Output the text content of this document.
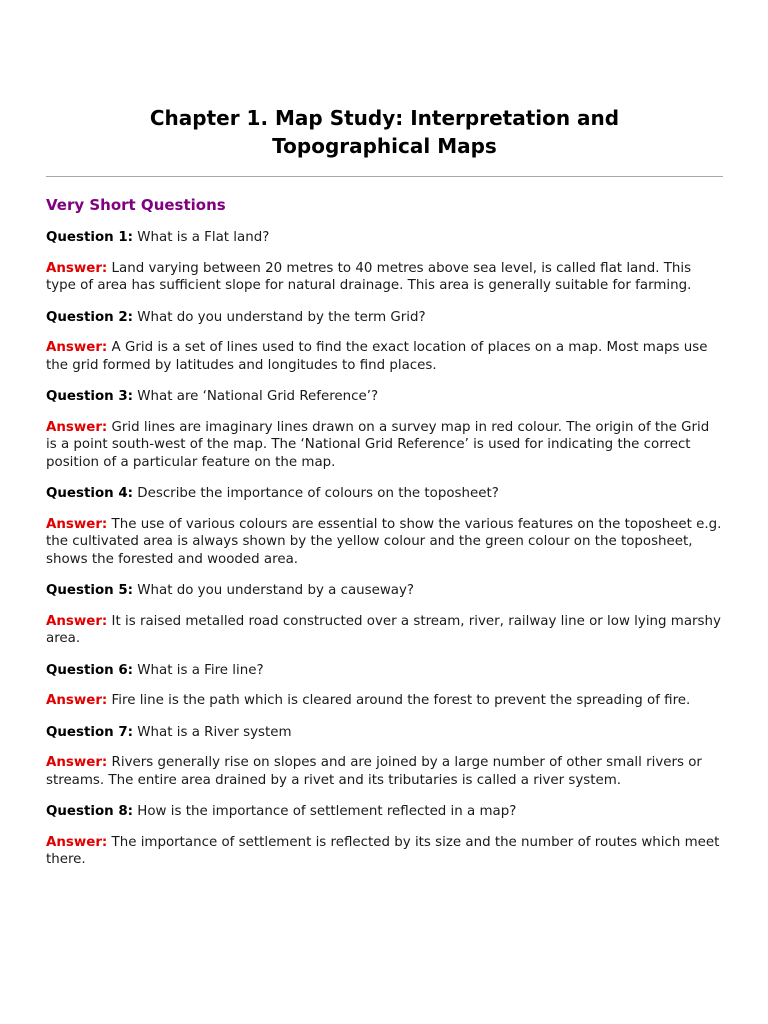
Chapter 1. Map Study: Interpretation and
Topographical Maps
Very Short Questions

Question 1: What is a Flat land?

Answer: Land varying between 20 metres to 40 metres above sea level, is called flat land. This type of area has sufficient slope for natural drainage. This area is generally suitable for farming.

Question 2: What do you understand by the term Grid?

Answer: A Grid is a set of lines used to find the exact location of places on a map. Most maps use the grid formed by latitudes and longitudes to find places.

Question 3: What are ‘National Grid Reference’?

Answer: Grid lines are imaginary lines drawn on a survey map in red colour. The origin of the Grid is a point south-west of the map. The ‘National Grid Reference’ is used for indicating the correct position of a particular feature on the map.

Question 4: Describe the importance of colours on the toposheet?

Answer: The use of various colours are essential to show the various features on the toposheet e.g. the cultivated area is always shown by the yellow colour and the green colour on the toposheet, shows the forested and wooded area.

Question 5: What do you understand by a causeway?

Answer: It is raised metalled road constructed over a stream, river, railway line or low lying marshy area.

Question 6: What is a Fire line?

Answer: Fire line is the path which is cleared around the forest to prevent the spreading of fire.

Question 7: What is a River system

Answer: Rivers generally rise on slopes and are joined by a large number of other small rivers or streams. The entire area drained by a rivet and its tributaries is called a river system.

Question 8: How is the importance of settlement reflected in a map?

Answer: The importance of settlement is reflected by its size and the number of routes which meet there.
